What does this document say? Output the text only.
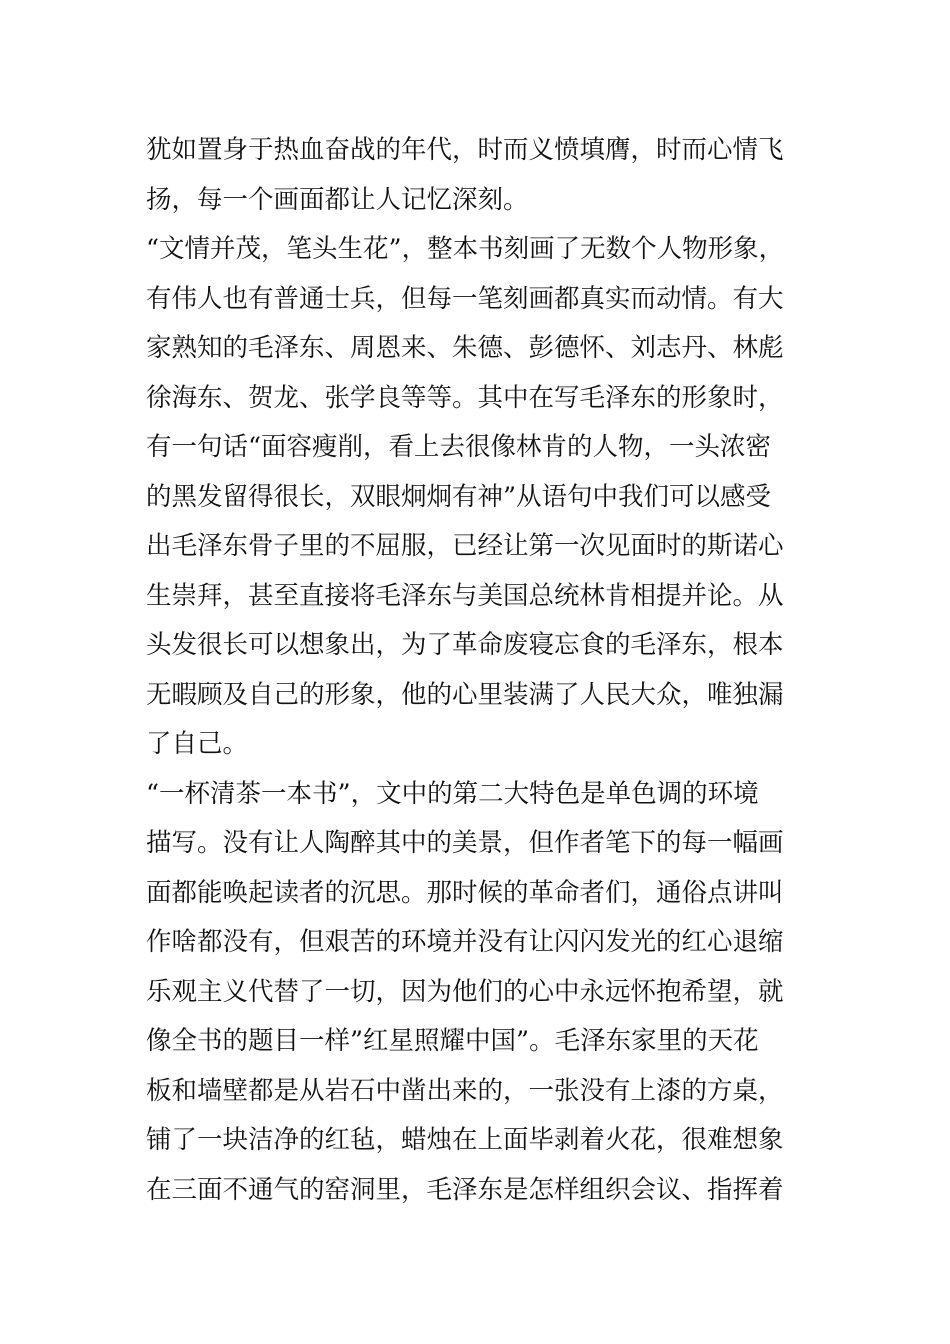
犹如置身于热血奋战的年代，时而义愤填膺，时而心情飞
扬，每一个画面都让人记忆深刻。
“文情并茂，笔头生花”，整本书刻画了无数个人物形象，
有伟人也有普通士兵，但每一笔刻画都真实而动情。有大
家熟知的毛泽东、周恩来、朱德、彭德怀、刘志丹、林彪
徐海东、贺龙、张学良等等。其中在写毛泽东的形象时，
有一句话“面容瘦削，看上去很像林肯的人物，一头浓密
的黑发留得很长，双眼炯炯有神”从语句中我们可以感受
出毛泽东骨子里的不屈服，已经让第一次见面时的斯诺心
生崇拜，甚至直接将毛泽东与美国总统林肯相提并论。从
头发很长可以想象出，为了革命废寝忘食的毛泽东，根本
无暇顾及自己的形象，他的心里装满了人民大众，唯独漏
了自己。
“一杯清茶一本书”，文中的第二大特色是单色调的环境
描写。没有让人陶醉其中的美景，但作者笔下的每一幅画
面都能唤起读者的沉思。那时候的革命者们，通俗点讲叫
作啥都没有，但艰苦的环境并没有让闪闪发光的红心退缩
乐观主义代替了一切，因为他们的心中永远怀抱希望，就
像全书的题目一样”红星照耀中国”。毛泽东家里的天花
板和墙壁都是从岩石中凿出来的，一张没有上漆的方桌，
铺了一块洁净的红毡，蜡烛在上面毕剥着火花，很难想象
在三面不通气的窑洞里，毛泽东是怎样组织会议、指挥着
